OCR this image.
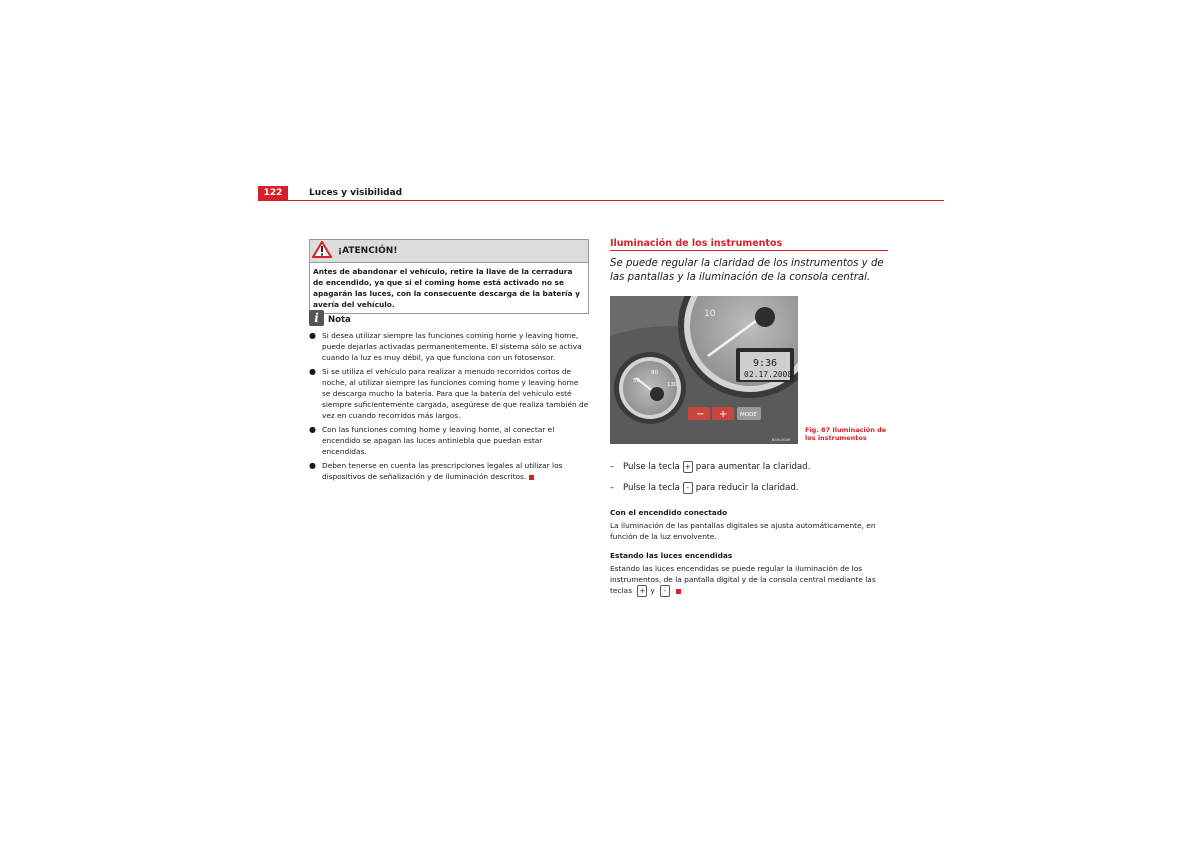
122	Luces y visibilidad
¡ATENCIÓN!
Antes de abandonar el vehículo, retire la llave de la cerradura de encendido, ya que si el coming home está activado no se apagarán las luces, con la consecuente descarga de la batería y avería del vehículo.
i	Nota
● Si desea utilizar siempre las funciones coming home y leaving home, puede dejarlas activadas permanentemente. El sistema sólo se activa cuando la luz es muy débil, ya que funciona con un fotosensor.
● Si se utiliza el vehículo para realizar a menudo recorridos cortos de noche, al utilizar siempre las funciones coming home y leaving home se descarga mucho la batería. Para que la batería del vehículo esté siempre suficientemente cargada, asegúrese de que realiza también de vez en cuando recorridos más largos.
● Con las funciones coming home y leaving home, al conectar el encendido se apagan las luces antiniebla que puedan estar encendidas.
● Deben tenerse en cuenta las prescripciones legales al utilizar los dispositivos de señalización y de iluminación descritos.
Iluminación de los instrumentos
Se puede regular la claridad de los instrumentos y de las pantallas y la iluminación de la consola central.
10
9:36
02.17.2008
50
90
130
− + MODE
B5W-0009
Fig. 87 Iluminación de los instrumentos
–	Pulse la tecla + para aumentar la claridad.
–	Pulse la tecla - para reducir la claridad.
Con el encendido conectado
La iluminación de las pantallas digitales se ajusta automáticamente, en función de la luz envolvente.
Estando las luces encendidas
Estando las luces encendidas se puede regular la iluminación de los instrumentos, de la pantalla digital y de la consola central mediante las teclas + y -
